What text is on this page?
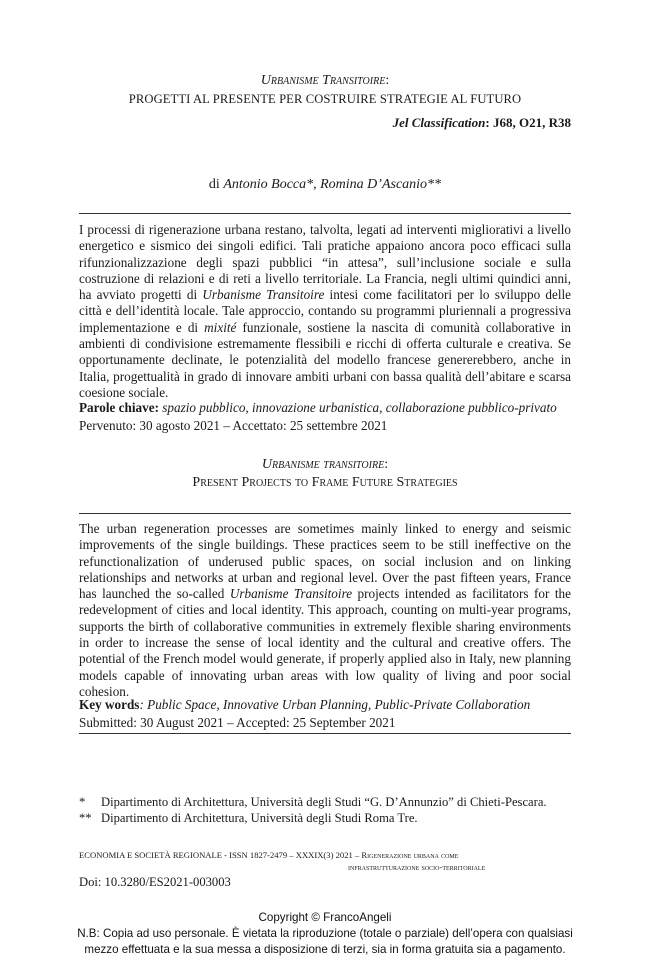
Urbanisme Transitoire:
PROGETTI AL PRESENTE PER COSTRUIRE STRATEGIE AL FUTURO
Jel Classification: J68, O21, R38
di Antonio Bocca*, Romina D’Ascanio**
I processi di rigenerazione urbana restano, talvolta, legati ad interventi migliorativi a livello energetico e sismico dei singoli edifici. Tali pratiche appaiono ancora poco efficaci sulla rifunzionalizzazione degli spazi pubblici “in attesa”, sull’inclusione sociale e sulla costruzione di relazioni e di reti a livello territoriale. La Francia, negli ultimi quindici anni, ha avviato progetti di Urbanisme Transitoire intesi come facilitatori per lo sviluppo delle città e dell’identità locale. Tale approccio, contando su programmi pluriennali a progressiva implementazione e di mixité funzionale, sostiene la nascita di comunità collaborative in ambienti di condivisione estremamente flessibili e ricchi di offerta culturale e creativa. Se opportunamente declinate, le potenzialità del modello francese genererebbero, anche in Italia, progettualità in grado di innovare ambiti urbani con bassa qualità dell’abitare e scarsa coesione sociale.
Parole chiave: spazio pubblico, innovazione urbanistica, collaborazione pubblico-privato
Pervenuto: 30 agosto 2021 – Accettato: 25 settembre 2021
Urbanisme transitoire:
Present Projects to Frame Future Strategies
The urban regeneration processes are sometimes mainly linked to energy and seismic improvements of the single buildings. These practices seem to be still ineffective on the refunctionalization of underused public spaces, on social inclusion and on linking relationships and networks at urban and regional level. Over the past fifteen years, France has launched the so-called Urbanisme Transitoire projects intended as facilitators for the redevelopment of cities and local identity. This approach, counting on multi-year programs, supports the birth of collaborative communities in extremely flexible sharing environments in order to increase the sense of local identity and the cultural and creative offers. The potential of the French model would generate, if properly applied also in Italy, new planning models capable of innovating urban areas with low quality of living and poor social cohesion.
Key words: Public Space, Innovative Urban Planning, Public-Private Collaboration
Submitted: 30 August 2021 – Accepted: 25 September 2021
* Dipartimento di Architettura, Università degli Studi “G. D’Annunzio” di Chieti-Pescara.
** Dipartimento di Architettura, Università degli Studi Roma Tre.
ECONOMIA E SOCIETÀ REGIONALE - ISSN 1827-2479 – XXXIX(3) 2021 – Rigenerazione urbana come
infrastrutturazione socio-territoriale
Doi: 10.3280/ES2021-003003
Copyright © FrancoAngeli
N.B: Copia ad uso personale. È vietata la riproduzione (totale o parziale) dell’opera con qualsiasi
mezzo effettuata e la sua messa a disposizione di terzi, sia in forma gratuita sia a pagamento.
